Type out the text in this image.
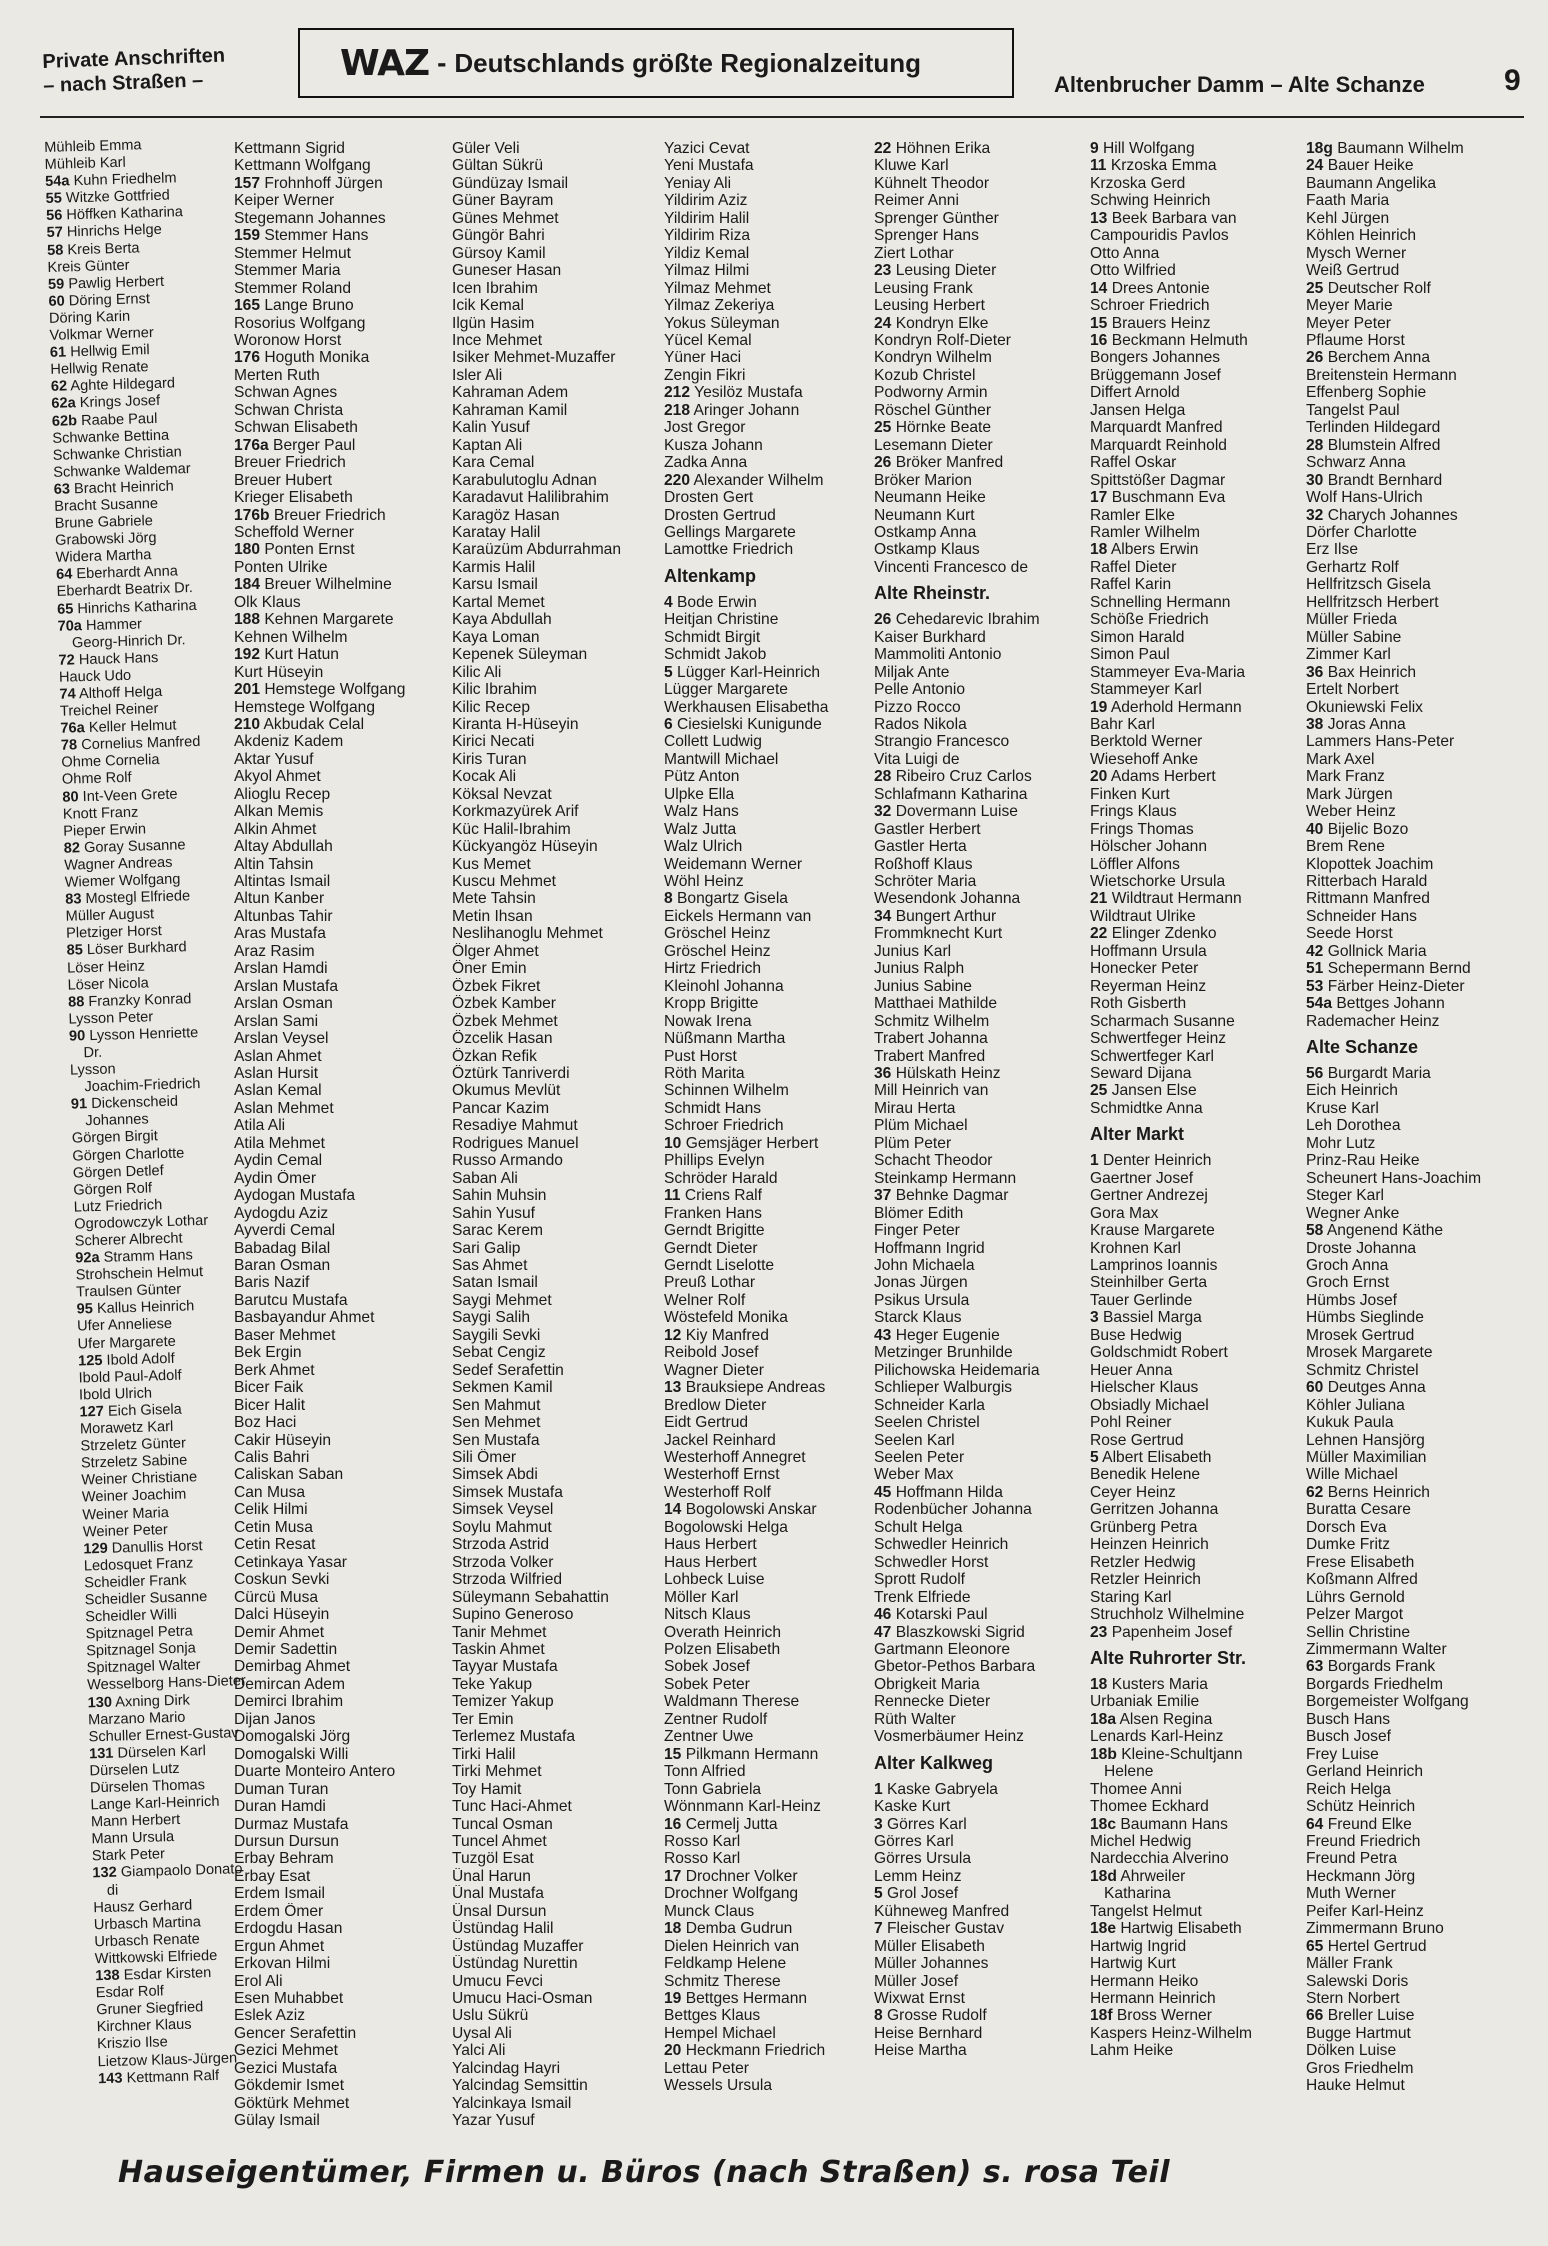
Private Anschriften
– nach Straßen –	WAZ - Deutschlands größte Regionalzeitung
Altenbrucher Damm – Alte Schanze	9
Mühleib Emma
Mühleib Karl
54a Kuhn Friedhelm
55 Witzke Gottfried
56 Höffken Katharina
57 Hinrichs Helge
58 Kreis Berta
Kreis Günter
59 Pawlig Herbert
60 Döring Ernst
Döring Karin
Volkmar Werner
61 Hellwig Emil
Hellwig Renate
62 Aghte Hildegard
62a Krings Josef
62b Raabe Paul
Schwanke Bettina
Schwanke Christian
Schwanke Waldemar
63 Bracht Heinrich
Bracht Susanne
Brune Gabriele
Grabowski Jörg
Widera Martha
64 Eberhardt Anna
Eberhardt Beatrix Dr.
65 Hinrichs Katharina
70a Hammer
Georg-Hinrich Dr.
72 Hauck Hans
Hauck Udo
74 Althoff Helga
Treichel Reiner
76a Keller Helmut
78 Cornelius Manfred
Ohme Cornelia
Ohme Rolf
80 Int-Veen Grete
Knott Franz
Pieper Erwin
82 Goray Susanne
Wagner Andreas
Wiemer Wolfgang
83 Mostegl Elfriede
Müller August
Pletziger Horst
85 Löser Burkhard
Löser Heinz
Löser Nicola
88 Franzky Konrad
Lysson Peter
90 Lysson Henriette
Dr.
Lysson
Joachim-Friedrich
91 Dickenscheid
Johannes
Görgen Birgit
Görgen Charlotte
Görgen Detlef
Görgen Rolf
Lutz Friedrich
Ogrodowczyk Lothar
Scherer Albrecht
92a Stramm Hans
Strohschein Helmut
Traulsen Günter
95 Kallus Heinrich
Ufer Anneliese
Ufer Margarete
125 Ibold Adolf
Ibold Paul-Adolf
Ibold Ulrich
127 Eich Gisela
Morawetz Karl
Strzeletz Günter
Strzeletz Sabine
Weiner Christiane
Weiner Joachim
Weiner Maria
Weiner Peter
129 Danullis Horst
Ledosquet Franz
Scheidler Frank
Scheidler Susanne
Scheidler Willi
Spitznagel Petra
Spitznagel Sonja
Spitznagel Walter
Wesselborg Hans-Dieter
130 Axning Dirk
Marzano Mario
Schuller Ernest-Gustav
131 Dürselen Karl
Dürselen Lutz
Dürselen Thomas
Lange Karl-Heinrich
Mann Herbert
Mann Ursula
Stark Peter
132 Giampaolo Donato
di
Hausz Gerhard
Urbasch Martina
Urbasch Renate
Wittkowski Elfriede
138 Esdar Kirsten
Esdar Rolf
Gruner Siegfried
Kirchner Klaus
Kriszio Ilse
Lietzow Klaus-Jürgen
143 Kettmann Ralf
Kettmann Sigrid
Kettmann Wolfgang
157 Frohnhoff Jürgen
Keiper Werner
Stegemann Johannes
159 Stemmer Hans
Stemmer Helmut
Stemmer Maria
Stemmer Roland
165 Lange Bruno
Rosorius Wolfgang
Woronow Horst
176 Hoguth Monika
Merten Ruth
Schwan Agnes
Schwan Christa
Schwan Elisabeth
176a Berger Paul
Breuer Friedrich
Breuer Hubert
Krieger Elisabeth
176b Breuer Friedrich
Scheffold Werner
180 Ponten Ernst
Ponten Ulrike
184 Breuer Wilhelmine
Olk Klaus
188 Kehnen Margarete
Kehnen Wilhelm
192 Kurt Hatun
Kurt Hüseyin
201 Hemstege Wolfgang
Hemstege Wolfgang
210 Akbudak Celal
Akdeniz Kadem
Aktar Yusuf
Akyol Ahmet
Alioglu Recep
Alkan Memis
Alkin Ahmet
Altay Abdullah
Altin Tahsin
Altintas Ismail
Altun Kanber
Altunbas Tahir
Aras Mustafa
Araz Rasim
Arslan Hamdi
Arslan Mustafa
Arslan Osman
Arslan Sami
Arslan Veysel
Aslan Ahmet
Aslan Hursit
Aslan Kemal
Aslan Mehmet
Atila Ali
Atila Mehmet
Aydin Cemal
Aydin Ömer
Aydogan Mustafa
Aydogdu Aziz
Ayverdi Cemal
Babadag Bilal
Baran Osman
Baris Nazif
Barutcu Mustafa
Basbayandur Ahmet
Baser Mehmet
Bek Ergin
Berk Ahmet
Bicer Faik
Bicer Halit
Boz Haci
Cakir Hüseyin
Calis Bahri
Caliskan Saban
Can Musa
Celik Hilmi
Cetin Musa
Cetin Resat
Cetinkaya Yasar
Coskun Sevki
Cürcü Musa
Dalci Hüseyin
Demir Ahmet
Demir Sadettin
Demirbag Ahmet
Demircan Adem
Demirci Ibrahim
Dijan Janos
Domogalski Jörg
Domogalski Willi
Duarte Monteiro Antero
Duman Turan
Duran Hamdi
Durmaz Mustafa
Dursun Dursun
Erbay Behram
Erbay Esat
Erdem Ismail
Erdem Ömer
Erdogdu Hasan
Ergun Ahmet
Erkovan Hilmi
Erol Ali
Esen Muhabbet
Eslek Aziz
Gencer Serafettin
Gezici Mehmet
Gezici Mustafa
Gökdemir Ismet
Göktürk Mehmet
Gülay Ismail
Güler Veli
Gültan Sükrü
Gündüzay Ismail
Güner Bayram
Günes Mehmet
Güngör Bahri
Gürsoy Kamil
Guneser Hasan
Icen Ibrahim
Icik Kemal
Ilgün Hasim
Ince Mehmet
Isiker Mehmet-Muzaffer
Isler Ali
Kahraman Adem
Kahraman Kamil
Kalin Yusuf
Kaptan Ali
Kara Cemal
Karabulutoglu Adnan
Karadavut Halilibrahim
Karagöz Hasan
Karatay Halil
Karaüzüm Abdurrahman
Karmis Halil
Karsu Ismail
Kartal Memet
Kaya Abdullah
Kaya Loman
Kepenek Süleyman
Kilic Ali
Kilic Ibrahim
Kilic Recep
Kiranta H-Hüseyin
Kirici Necati
Kiris Turan
Kocak Ali
Köksal Nevzat
Korkmazyürek Arif
Küc Halil-Ibrahim
Kückyangöz Hüseyin
Kus Memet
Kuscu Mehmet
Mete Tahsin
Metin Ihsan
Neslihanoglu Mehmet
Ölger Ahmet
Öner Emin
Özbek Fikret
Özbek Kamber
Özbek Mehmet
Özcelik Hasan
Özkan Refik
Öztürk Tanriverdi
Okumus Mevlüt
Pancar Kazim
Resadiye Mahmut
Rodrigues Manuel
Russo Armando
Saban Ali
Sahin Muhsin
Sahin Yusuf
Sarac Kerem
Sari Galip
Sas Ahmet
Satan Ismail
Saygi Mehmet
Saygi Salih
Saygili Sevki
Sebat Cengiz
Sedef Serafettin
Sekmen Kamil
Sen Mahmut
Sen Mehmet
Sen Mustafa
Sili Ömer
Simsek Abdi
Simsek Mustafa
Simsek Veysel
Soylu Mahmut
Strzoda Astrid
Strzoda Volker
Strzoda Wilfried
Süleymann Sebahattin
Supino Generoso
Tanir Mehmet
Taskin Ahmet
Tayyar Mustafa
Teke Yakup
Temizer Yakup
Ter Emin
Terlemez Mustafa
Tirki Halil
Tirki Mehmet
Toy Hamit
Tunc Haci-Ahmet
Tuncal Osman
Tuncel Ahmet
Tuzgöl Esat
Ünal Harun
Ünal Mustafa
Ünsal Dursun
Üstündag Halil
Üstündag Muzaffer
Üstündag Nurettin
Umucu Fevci
Umucu Haci-Osman
Uslu Sükrü
Uysal Ali
Yalci Ali
Yalcindag Hayri
Yalcindag Semsittin
Yalcinkaya Ismail
Yazar Yusuf
Yazici Cevat
Yeni Mustafa
Yeniay Ali
Yildirim Aziz
Yildirim Halil
Yildirim Riza
Yildiz Kemal
Yilmaz Hilmi
Yilmaz Mehmet
Yilmaz Zekeriya
Yokus Süleyman
Yücel Kemal
Yüner Haci
Zengin Fikri
212 Yesilöz Mustafa
218 Aringer Johann
Jost Gregor
Kusza Johann
Zadka Anna
220 Alexander Wilhelm
Drosten Gert
Drosten Gertrud
Gellings Margarete
Lamottke Friedrich
Altenkamp
4 Bode Erwin
Heitjan Christine
Schmidt Birgit
Schmidt Jakob
5 Lügger Karl-Heinrich
Lügger Margarete
Werkhausen Elisabetha
6 Ciesielski Kunigunde
Collett Ludwig
Mantwill Michael
Pütz Anton
Ulpke Ella
Walz Hans
Walz Jutta
Walz Ulrich
Weidemann Werner
Wöhl Heinz
8 Bongartz Gisela
Eickels Hermann van
Gröschel Heinz
Gröschel Heinz
Hirtz Friedrich
Kleinohl Johanna
Kropp Brigitte
Nowak Irena
Nüßmann Martha
Pust Horst
Röth Marita
Schinnen Wilhelm
Schmidt Hans
Schroer Friedrich
10 Gemsjäger Herbert
Phillips Evelyn
Schröder Harald
11 Criens Ralf
Franken Hans
Gerndt Brigitte
Gerndt Dieter
Gerndt Liselotte
Preuß Lothar
Welner Rolf
Wöstefeld Monika
12 Kiy Manfred
Reibold Josef
Wagner Dieter
13 Brauksiepe Andreas
Bredlow Dieter
Eidt Gertrud
Jackel Reinhard
Westerhoff Annegret
Westerhoff Ernst
Westerhoff Rolf
14 Bogolowski Anskar
Bogolowski Helga
Haus Herbert
Haus Herbert
Lohbeck Luise
Möller Karl
Nitsch Klaus
Overath Heinrich
Polzen Elisabeth
Sobek Josef
Sobek Peter
Waldmann Therese
Zentner Rudolf
Zentner Uwe
15 Pilkmann Hermann
Tonn Alfried
Tonn Gabriela
Wönnmann Karl-Heinz
16 Cermelj Jutta
Rosso Karl
Rosso Karl
17 Drochner Volker
Drochner Wolfgang
Munck Claus
18 Demba Gudrun
Dielen Heinrich van
Feldkamp Helene
Schmitz Therese
19 Bettges Hermann
Bettges Klaus
Hempel Michael
20 Heckmann Friedrich
Lettau Peter
Wessels Ursula
22 Höhnen Erika
Kluwe Karl
Kühnelt Theodor
Reimer Anni
Sprenger Günther
Sprenger Hans
Ziert Lothar
23 Leusing Dieter
Leusing Frank
Leusing Herbert
24 Kondryn Elke
Kondryn Rolf-Dieter
Kondryn Wilhelm
Kozub Christel
Podworny Armin
Röschel Günther
25 Hörnke Beate
Lesemann Dieter
26 Bröker Manfred
Bröker Marion
Neumann Heike
Neumann Kurt
Ostkamp Anna
Ostkamp Klaus
Vincenti Francesco de
Alte Rheinstr.
26 Cehedarevic Ibrahim
Kaiser Burkhard
Mammoliti Antonio
Miljak Ante
Pelle Antonio
Pizzo Rocco
Rados Nikola
Strangio Francesco
Vita Luigi de
28 Ribeiro Cruz Carlos
Schlafmann Katharina
32 Dovermann Luise
Gastler Herbert
Gastler Herta
Roßhoff Klaus
Schröter Maria
Wesendonk Johanna
34 Bungert Arthur
Frommknecht Kurt
Junius Karl
Junius Ralph
Junius Sabine
Matthaei Mathilde
Schmitz Wilhelm
Trabert Johanna
Trabert Manfred
36 Hülskath Heinz
Mill Heinrich van
Mirau Herta
Plüm Michael
Plüm Peter
Schacht Theodor
Steinkamp Hermann
37 Behnke Dagmar
Blömer Edith
Finger Peter
Hoffmann Ingrid
John Michaela
Jonas Jürgen
Psikus Ursula
Starck Klaus
43 Heger Eugenie
Metzinger Brunhilde
Pilichowska Heidemaria
Schlieper Walburgis
Schneider Karla
Seelen Christel
Seelen Karl
Seelen Peter
Weber Max
45 Hoffmann Hilda
Rodenbücher Johanna
Schult Helga
Schwedler Heinrich
Schwedler Horst
Sprott Rudolf
Trenk Elfriede
46 Kotarski Paul
47 Blaszkowski Sigrid
Gartmann Eleonore
Gbetor-Pethos Barbara
Obrigkeit Maria
Rennecke Dieter
Rüth Walter
Vosmerbäumer Heinz
Alter Kalkweg
1 Kaske Gabryela
Kaske Kurt
3 Görres Karl
Görres Karl
Görres Ursula
Lemm Heinz
5 Grol Josef
Kühneweg Manfred
7 Fleischer Gustav
Müller Elisabeth
Müller Johannes
Müller Josef
Wixwat Ernst
8 Grosse Rudolf
Heise Bernhard
Heise Martha
9 Hill Wolfgang
11 Krzoska Emma
Krzoska Gerd
Schwing Heinrich
13 Beek Barbara van
Campouridis Pavlos
Otto Anna
Otto Wilfried
14 Drees Antonie
Schroer Friedrich
15 Brauers Heinz
16 Beckmann Helmuth
Bongers Johannes
Brüggemann Josef
Differt Arnold
Jansen Helga
Marquardt Manfred
Marquardt Reinhold
Raffel Oskar
Spittstößer Dagmar
17 Buschmann Eva
Ramler Elke
Ramler Wilhelm
18 Albers Erwin
Raffel Dieter
Raffel Karin
Schnelling Hermann
Schöße Friedrich
Simon Harald
Simon Paul
Stammeyer Eva-Maria
Stammeyer Karl
19 Aderhold Hermann
Bahr Karl
Berktold Werner
Wiesehoff Anke
20 Adams Herbert
Finken Kurt
Frings Klaus
Frings Thomas
Hölscher Johann
Löffler Alfons
Wietschorke Ursula
21 Wildtraut Hermann
Wildtraut Ulrike
22 Elinger Zdenko
Hoffmann Ursula
Honecker Peter
Reyerman Heinz
Roth Gisberth
Scharmach Susanne
Schwertfeger Heinz
Schwertfeger Karl
Seward Dijana
25 Jansen Else
Schmidtke Anna
Alter Markt
1 Denter Heinrich
Gaertner Josef
Gertner Andrezej
Gora Max
Krause Margarete
Krohnen Karl
Lamprinos Ioannis
Steinhilber Gerta
Tauer Gerlinde
3 Bassiel Marga
Buse Hedwig
Goldschmidt Robert
Heuer Anna
Hielscher Klaus
Obsiadly Michael
Pohl Reiner
Rose Gertrud
5 Albert Elisabeth
Benedik Helene
Ceyer Heinz
Gerritzen Johanna
Grünberg Petra
Heinzen Heinrich
Retzler Hedwig
Retzler Heinrich
Staring Karl
Struchholz Wilhelmine
23 Papenheim Josef
Alte Ruhrorter Str.
18 Kusters Maria
Urbaniak Emilie
18a Alsen Regina
Lenards Karl-Heinz
18b Kleine-Schultjann
Helene
Thomee Anni
Thomee Eckhard
18c Baumann Hans
Michel Hedwig
Nardecchia Alverino
18d Ahrweiler
Katharina
Tangelst Helmut
18e Hartwig Elisabeth
Hartwig Ingrid
Hartwig Kurt
Hermann Heiko
Hermann Heinrich
18f Bross Werner
Kaspers Heinz-Wilhelm
Lahm Heike
18g Baumann Wilhelm
24 Bauer Heike
Baumann Angelika
Faath Maria
Kehl Jürgen
Köhlen Heinrich
Mysch Werner
Weiß Gertrud
25 Deutscher Rolf
Meyer Marie
Meyer Peter
Pflaume Horst
26 Berchem Anna
Breitenstein Hermann
Effenberg Sophie
Tangelst Paul
Terlinden Hildegard
28 Blumstein Alfred
Schwarz Anna
30 Brandt Bernhard
Wolf Hans-Ulrich
32 Charych Johannes
Dörfer Charlotte
Erz Ilse
Gerhartz Rolf
Hellfritzsch Gisela
Hellfritzsch Herbert
Müller Frieda
Müller Sabine
Zimmer Karl
36 Bax Heinrich
Ertelt Norbert
Okuniewski Felix
38 Joras Anna
Lammers Hans-Peter
Mark Axel
Mark Franz
Mark Jürgen
Weber Heinz
40 Bijelic Bozo
Brem Rene
Klopottek Joachim
Ritterbach Harald
Rittmann Manfred
Schneider Hans
Seede Horst
42 Gollnick Maria
51 Schepermann Bernd
53 Färber Heinz-Dieter
54a Bettges Johann
Rademacher Heinz
Alte Schanze
56 Burgardt Maria
Eich Heinrich
Kruse Karl
Leh Dorothea
Mohr Lutz
Prinz-Rau Heike
Scheunert Hans-Joachim
Steger Karl
Wegner Anke
58 Angenend Käthe
Droste Johanna
Groch Anna
Groch Ernst
Hümbs Josef
Hümbs Sieglinde
Mrosek Gertrud
Mrosek Margarete
Schmitz Christel
60 Deutges Anna
Köhler Juliana
Kukuk Paula
Lehnen Hansjörg
Müller Maximilian
Wille Michael
62 Berns Heinrich
Buratta Cesare
Dorsch Eva
Dumke Fritz
Frese Elisabeth
Koßmann Alfred
Lührs Gernold
Pelzer Margot
Sellin Christine
Zimmermann Walter
63 Borgards Frank
Borgards Friedhelm
Borgemeister Wolfgang
Busch Hans
Busch Josef
Frey Luise
Gerland Heinrich
Reich Helga
Schütz Heinrich
64 Freund Elke
Freund Friedrich
Freund Petra
Heckmann Jörg
Muth Werner
Peifer Karl-Heinz
Zimmermann Bruno
65 Hertel Gertrud
Mäller Frank
Salewski Doris
Stern Norbert
66 Breller Luise
Bugge Hartmut
Dölken Luise
Gros Friedhelm
Hauke Helmut
Hauseigentümer, Firmen u. Büros (nach Straßen) s. rosa Teil
